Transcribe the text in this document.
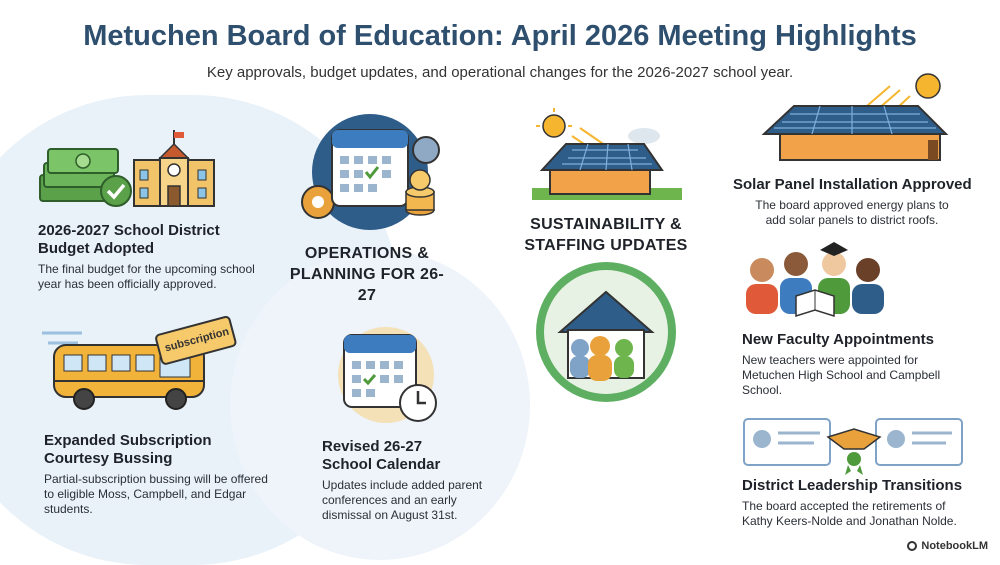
Metuchen Board of Education: April 2026 Meeting Highlights
Key approvals, budget updates, and operational changes for the 2026-2027 school year.
2026-2027 School District Budget Adopted
The final budget for the upcoming school year has been officially approved.
OPERATIONS & PLANNING FOR 26-27
subscription
Expanded Subscription Courtesy Bussing
Partial-subscription bussing will be offered to eligible Moss, Campbell, and Edgar students.
Revised 26-27 School Calendar
Updates include added parent conferences and an early dismissal on August 31st.
SUSTAINABILITY & STAFFING UPDATES
Solar Panel Installation Approved
The board approved energy plans to add solar panels to district roofs.
New Faculty Appointments
New teachers were appointed for Metuchen High School and Campbell School.
District Leadership Transitions
The board accepted the retirements of Kathy Keers-Nolde and Jonathan Nolde.
NotebookLM
